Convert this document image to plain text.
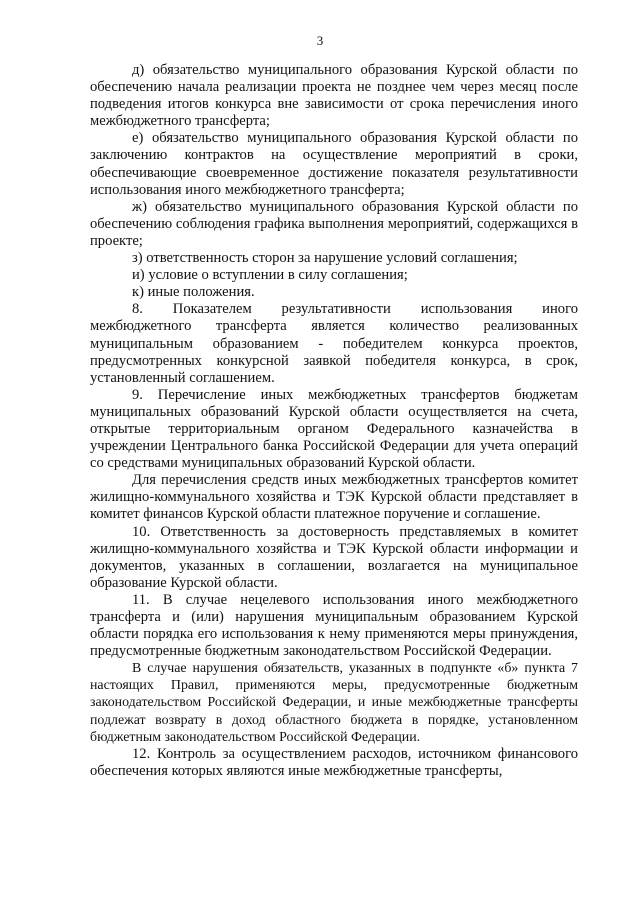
3

д) обязательство муниципального образования Курской области по обеспечению начала реализации проекта не позднее чем через месяц после подведения итогов конкурса вне зависимости от срока перечисления иного межбюджетного трансферта;

е) обязательство муниципального образования Курской области по заключению контрактов на осуществление мероприятий в сроки, обеспечивающие своевременное достижение показателя результативности использования иного межбюджетного трансферта;

ж) обязательство муниципального образования Курской области по обеспечению соблюдения графика выполнения мероприятий, содержащихся в проекте;

з) ответственность сторон за нарушение условий соглашения;

и) условие о вступлении в силу соглашения;

к) иные положения.

8. Показателем результативности использования иного межбюджетного трансферта является количество реализованных муниципальным образованием - победителем конкурса проектов, предусмотренных конкурсной заявкой победителя конкурса, в срок, установленный соглашением.

9. Перечисление иных межбюджетных трансфертов бюджетам муниципальных образований Курской области осуществляется на счета, открытые территориальным органом Федерального казначейства в учреждении Центрального банка Российской Федерации для учета операций со средствами муниципальных образований Курской области.

Для перечисления средств иных межбюджетных трансфертов комитет жилищно-коммунального хозяйства и ТЭК Курской области представляет в комитет финансов Курской области платежное поручение и соглашение.

10. Ответственность за достоверность представляемых в комитет жилищно-коммунального хозяйства и ТЭК Курской области информации и документов, указанных в соглашении, возлагается на муниципальное образование Курской области.

11. В случае нецелевого использования иного межбюджетного трансферта и (или) нарушения муниципальным образованием Курской области порядка его использования к нему применяются меры принуждения, предусмотренные бюджетным законодательством Российской Федерации.

В случае нарушения обязательств, указанных в подпункте «б» пункта 7 настоящих Правил, применяются меры, предусмотренные бюджетным законодательством Российской Федерации, и иные межбюджетные трансферты подлежат возврату в доход областного бюджета в порядке, установленном бюджетным законодательством Российской Федерации.

12. Контроль за осуществлением расходов, источником финансового обеспечения которых являются иные межбюджетные трансферты,
